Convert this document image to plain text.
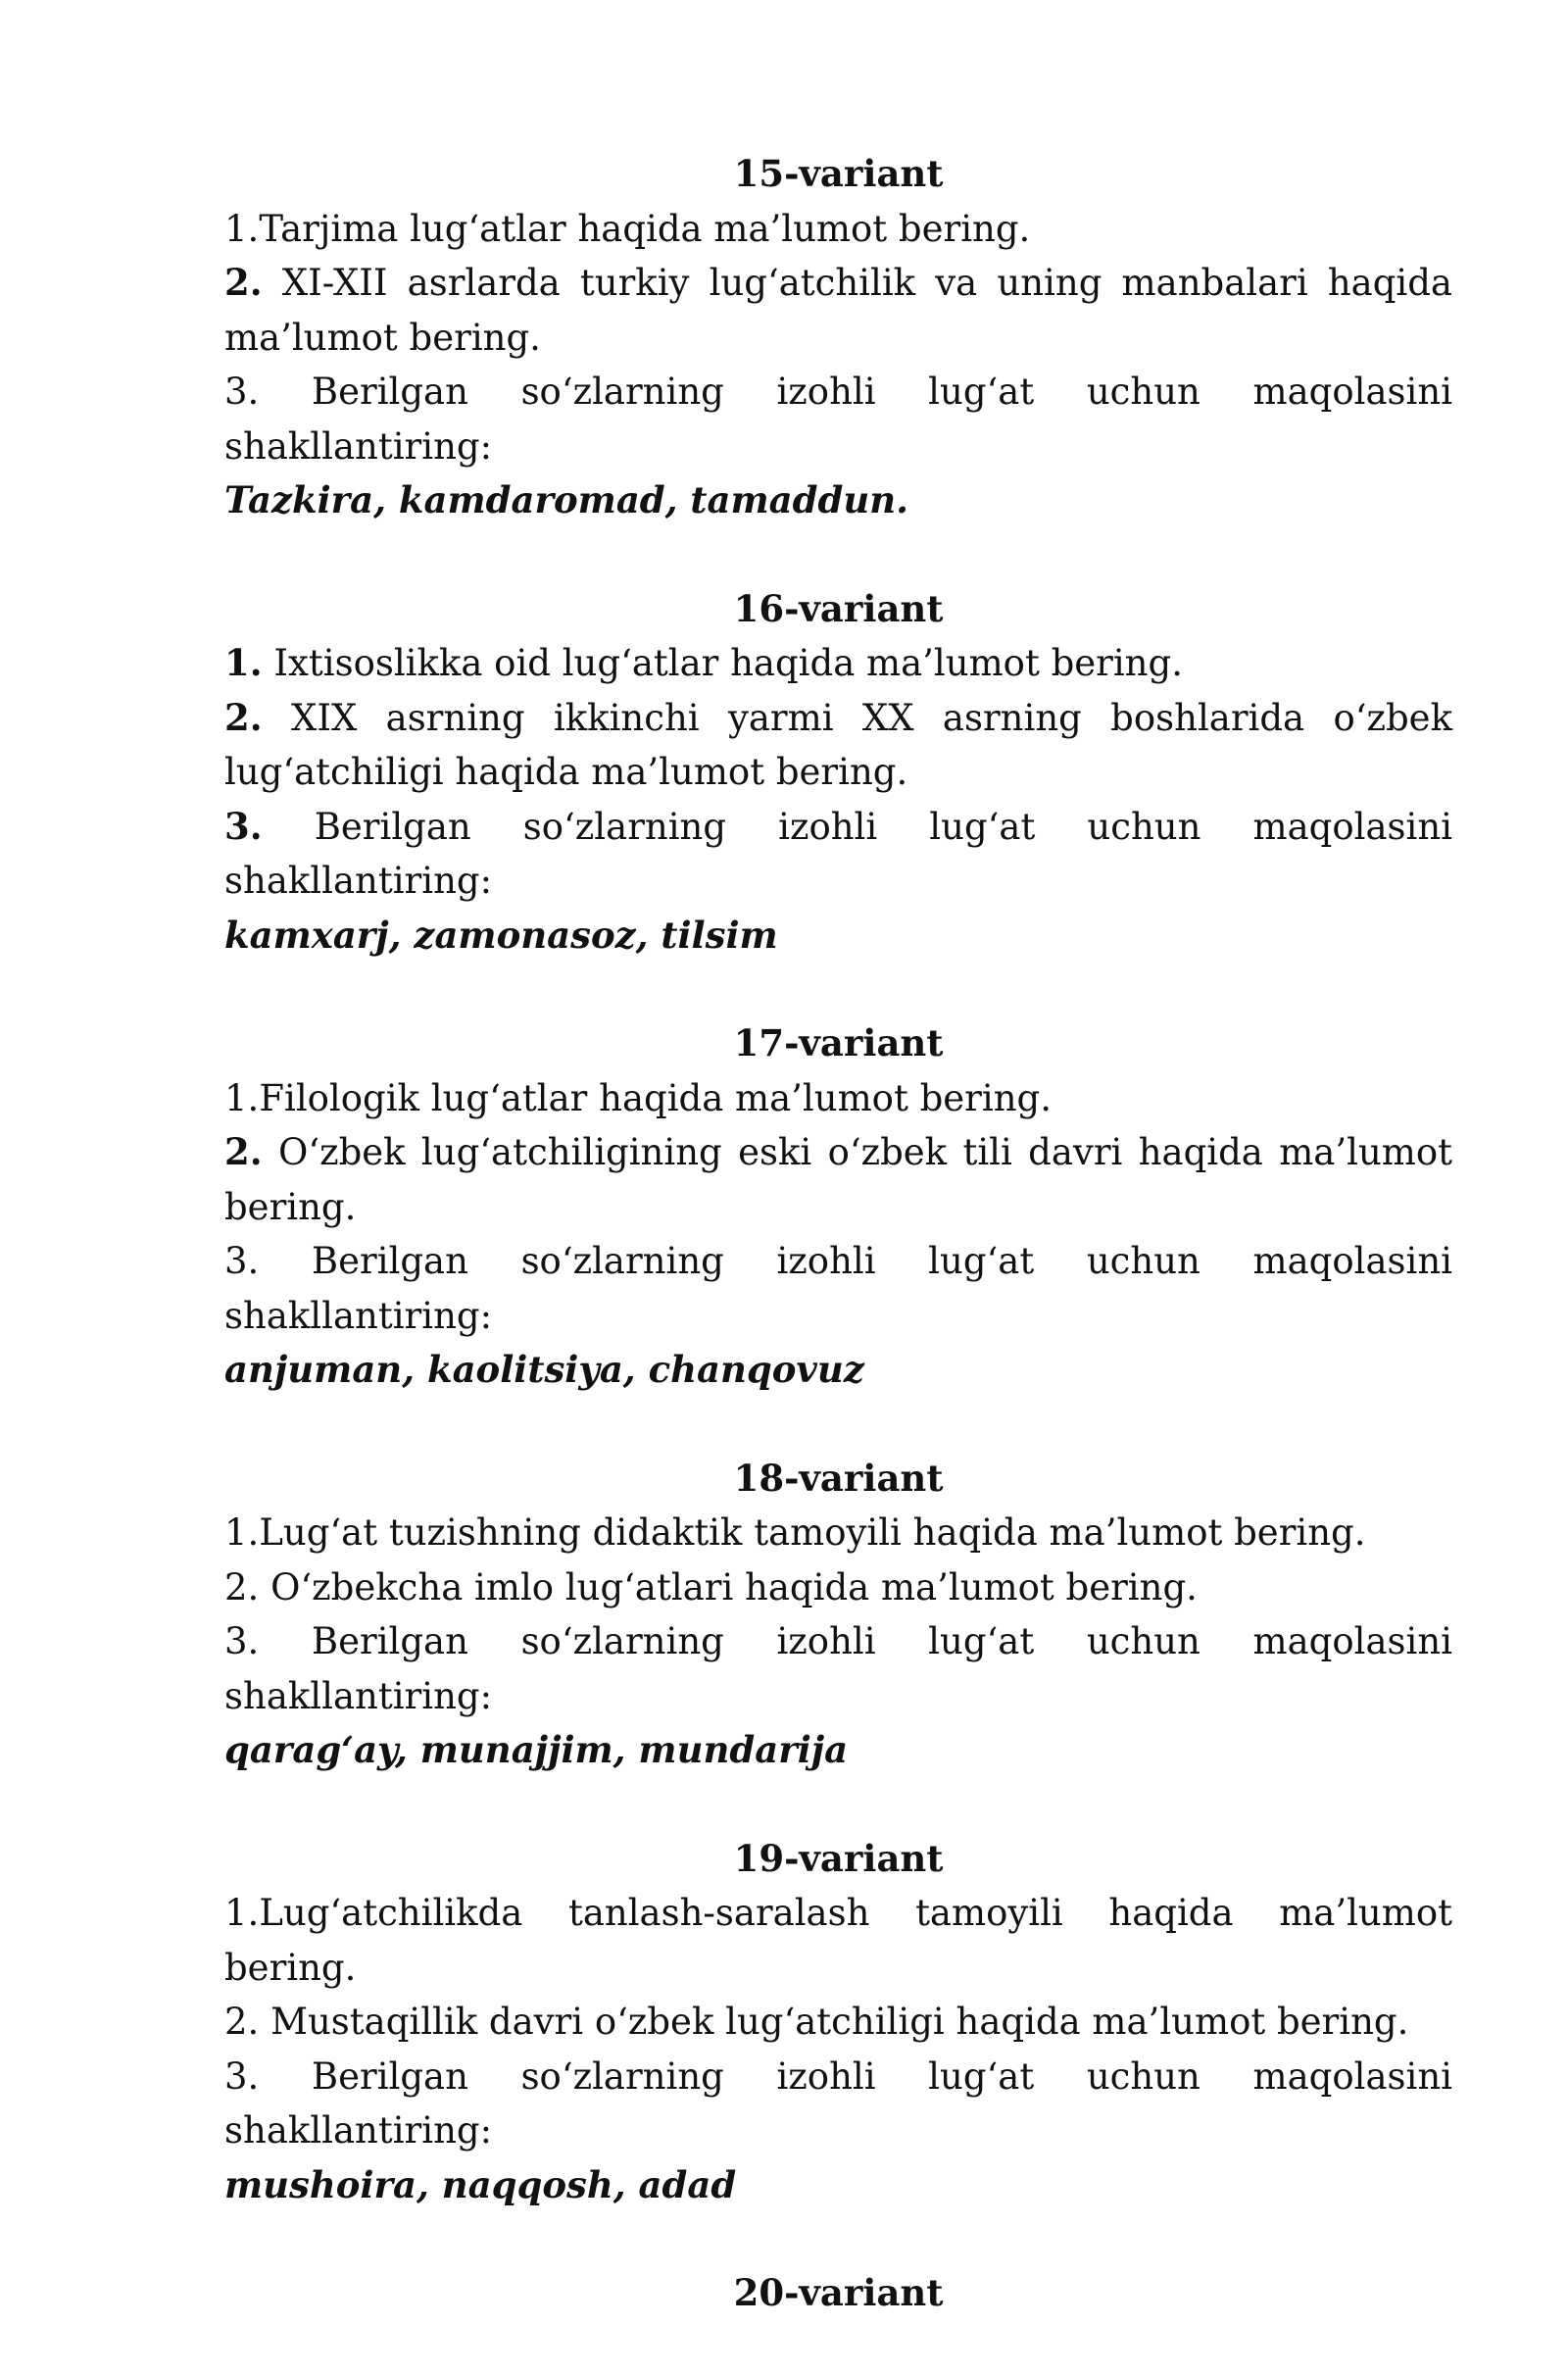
15-variant

1.Tarjima lug‘atlar haqida ma’lumot bering.

2. XI-XII asrlarda turkiy lug‘atchilik va uning manbalari haqida ma’lumot bering.

3. Berilgan so‘zlarning izohli lug‘at uchun maqolasini shakllantiring:

Tazkira, kamdaromad, tamaddun.

16-variant

1. Ixtisoslikka oid lug‘atlar haqida ma’lumot bering.

2. XIX asrning ikkinchi yarmi XX asrning boshlarida o‘zbek lug‘atchiligi haqida ma’lumot bering.

3. Berilgan so‘zlarning izohli lug‘at uchun maqolasini shakllantiring:

kamxarj, zamonasoz, tilsim

17-variant

1.Filologik lug‘atlar haqida ma’lumot bering.

2. O‘zbek lug‘atchiligining eski o‘zbek tili davri haqida ma’lumot bering.

3. Berilgan so‘zlarning izohli lug‘at uchun maqolasini shakllantiring:

anjuman, kaolitsiya, chanqovuz

18-variant

1.Lug‘at tuzishning didaktik tamoyili haqida ma’lumot bering.

2. O‘zbekcha imlo lug‘atlari haqida ma’lumot bering.

3. Berilgan so‘zlarning izohli lug‘at uchun maqolasini shakllantiring:

qarag‘ay, munajjim, mundarija

19-variant

1.Lug‘atchilikda tanlash-saralash tamoyili haqida ma’lumot bering.

2. Mustaqillik davri o‘zbek lug‘atchiligi haqida ma’lumot bering.

3. Berilgan so‘zlarning izohli lug‘at uchun maqolasini shakllantiring:

mushoira, naqqosh, adad

20-variant
